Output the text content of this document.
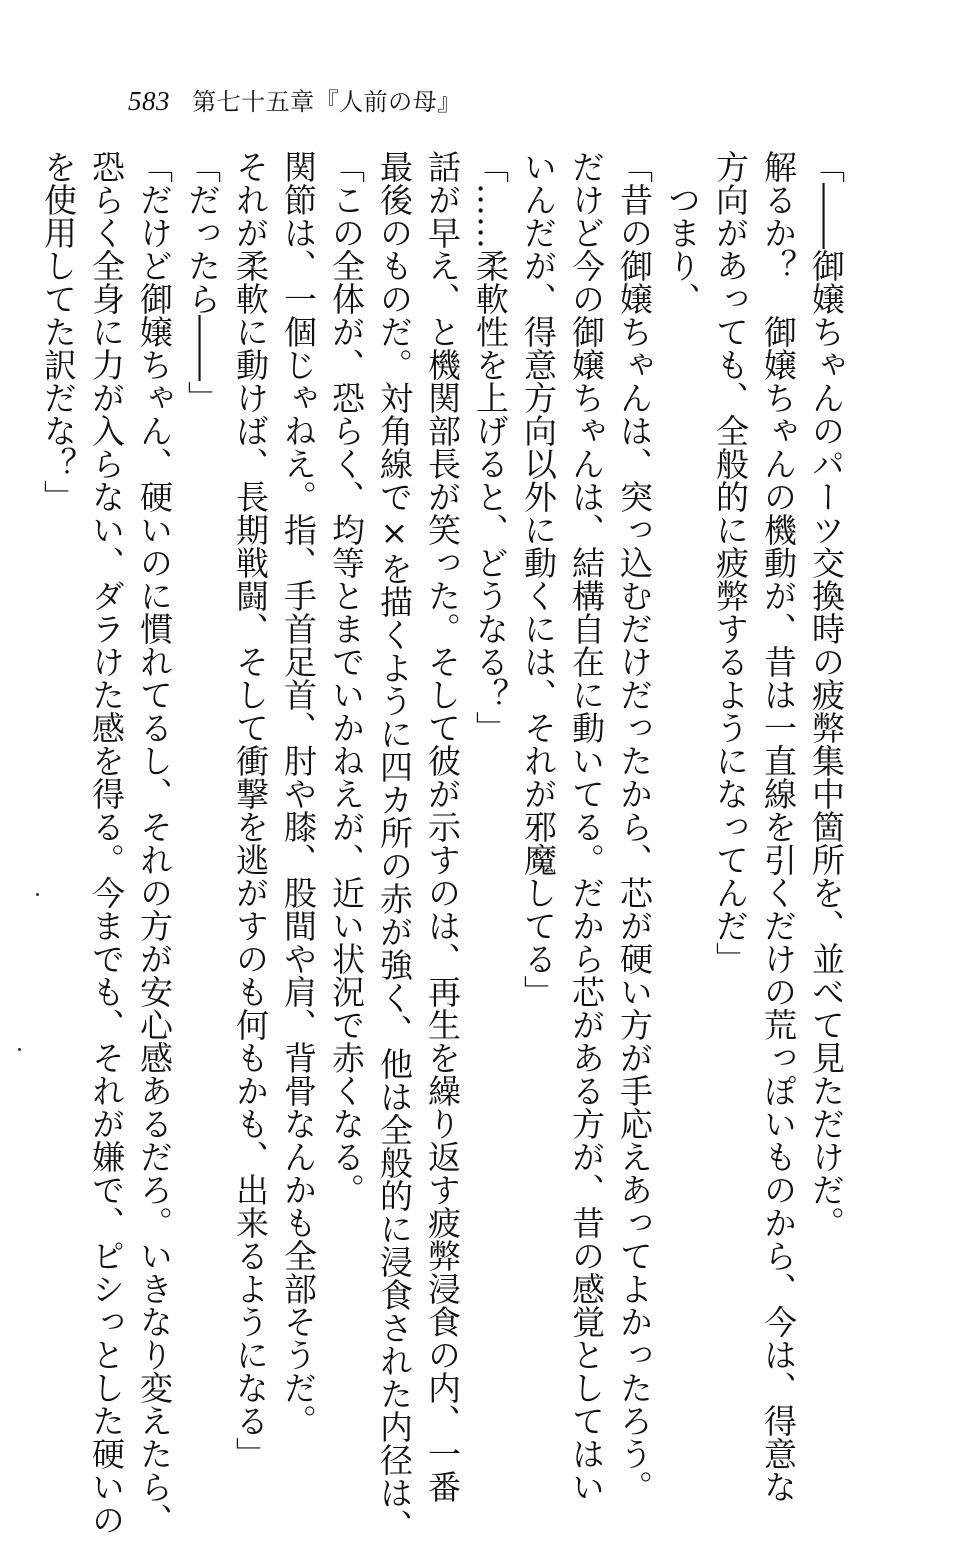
583 第七十五章『人前の母』
「――御嬢ちゃんのパーツ交換時の疲弊集中箇所を、並べて見ただけだ。
解るか？　御嬢ちゃんの機動が、昔は一直線を引くだけの荒っぽいものから、今は、得意な
方向があっても、全般的に疲弊するようになってんだ」
つまり、
「昔の御嬢ちゃんは、突っ込むだけだったから、芯が硬い方が手応えあってよかったろう。
だけど今の御嬢ちゃんは、結構自在に動いてる。だから芯がある方が、昔の感覚としてはい
いんだが、得意方向以外に動くには、それが邪魔してる」
「……柔軟性を上げると、どうなる？」
話が早え、と機関部長が笑った。そして彼が示すのは、再生を繰り返す疲弊浸食の内、一番
最後のものだ。対角線で×を描くように四カ所の赤が強く、他は全般的に浸食された内径は、
「この全体が、恐らく、均等とまでいかねえが、近い状況で赤くなる。
関節は、一個じゃねえ。指、手首足首、肘や膝、股間や肩、背骨なんかも全部そうだ。
それが柔軟に動けば、長期戦闘、そして衝撃を逃がすのも何もかも、出来るようになる」
「だったら――」
「だけど御嬢ちゃん、硬いのに慣れてるし、それの方が安心感あるだろ。いきなり変えたら、
恐らく全身に力が入らない、ダラけた感を得る。今までも、それが嫌で、ピシっとした硬いの
を使用してた訳だな？」
